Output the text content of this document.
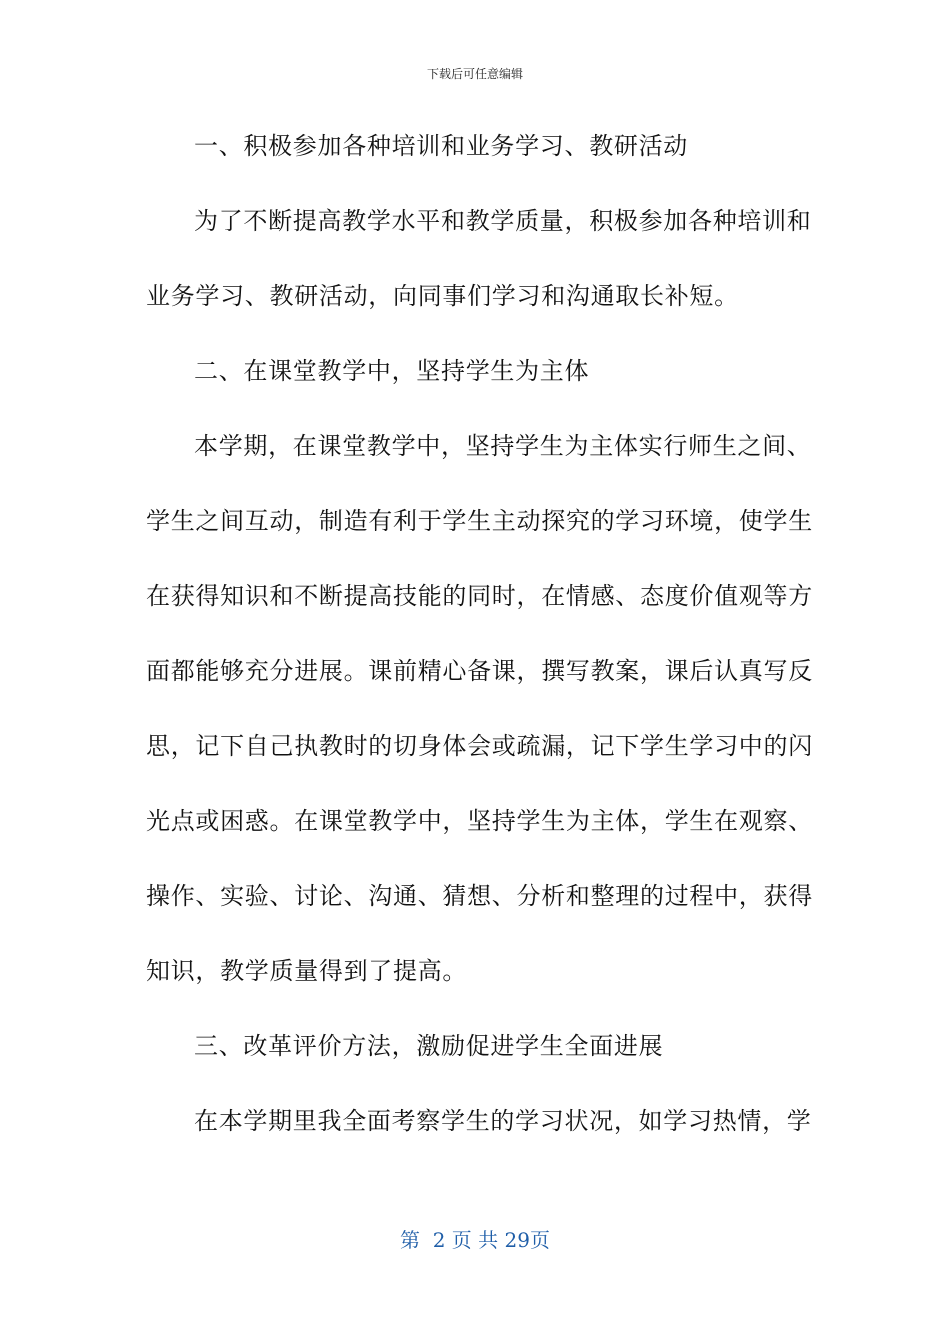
下载后可任意编辑
一、积极参加各种培训和业务学习、教研活动
为了不断提高教学水平和教学质量，积极参加各种培训和
业务学习、教研活动，向同事们学习和沟通取长补短。
二、在课堂教学中，坚持学生为主体
本学期，在课堂教学中，坚持学生为主体实行师生之间、
学生之间互动，制造有利于学生主动探究的学习环境，使学生
在获得知识和不断提高技能的同时，在情感、态度价值观等方
面都能够充分进展。课前精心备课，撰写教案，课后认真写反
思，记下自己执教时的切身体会或疏漏，记下学生学习中的闪
光点或困惑。在课堂教学中，坚持学生为主体，学生在观察、
操作、实验、讨论、沟通、猜想、分析和整理的过程中，获得
知识，教学质量得到了提高。
三、改革评价方法，激励促进学生全面进展
在本学期里我全面考察学生的学习状况，如学习热情，学
第  2 页 共 29页
